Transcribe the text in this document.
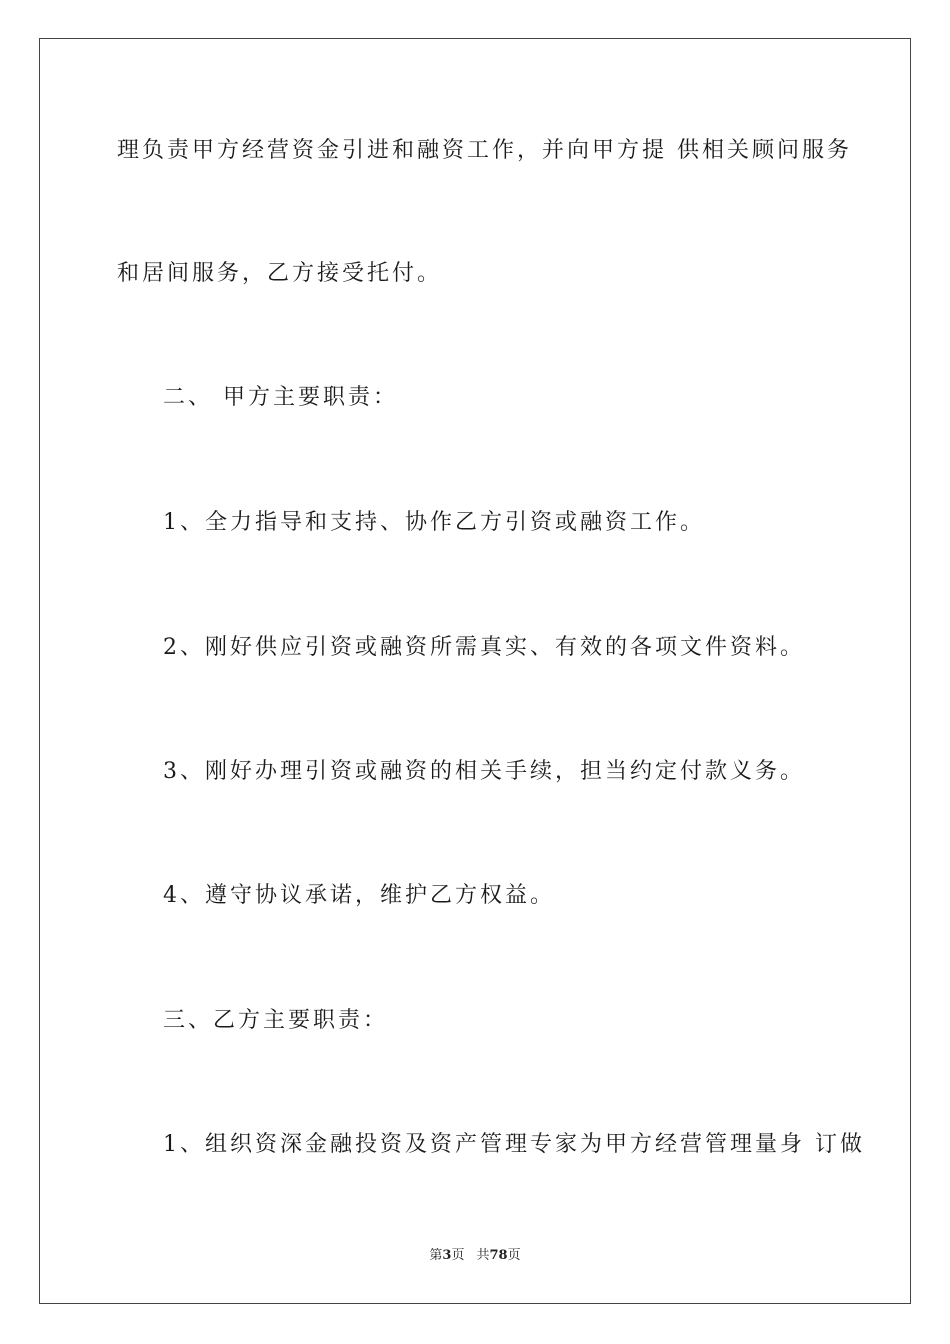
理负责甲方经营资金引进和融资工作，并向甲方提 供相关顾问服务
和居间服务，乙方接受托付。
二、 甲方主要职责：
1、全力指导和支持、协作乙方引资或融资工作。
2、刚好供应引资或融资所需真实、有效的各项文件资料。
3、刚好办理引资或融资的相关手续，担当约定付款义务。
4、遵守协议承诺，维护乙方权益。
三、乙方主要职责：
1、组织资深金融投资及资产管理专家为甲方经营管理量身 订做
第3页 共78页
